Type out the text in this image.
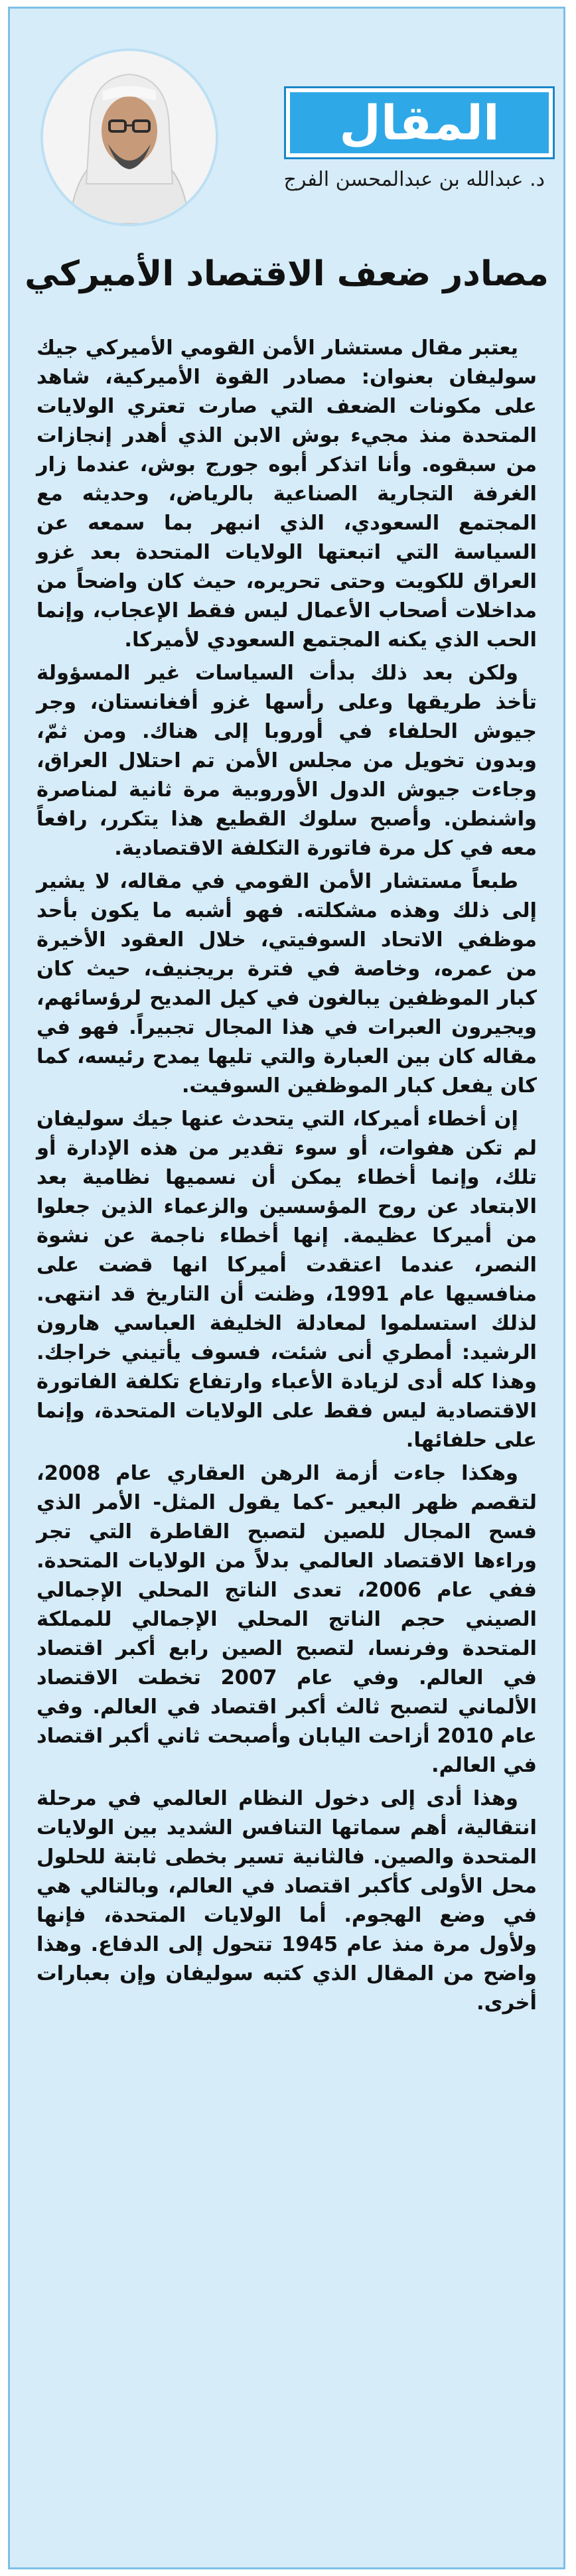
المقال
د. عبدالله بن عبدالمحسن الفرج
مصادر ضعف الاقتصاد الأميركي

يعتبر مقال مستشار الأمن القومي الأميركي جيك سوليفان بعنوان: مصادر القوة الأميركية، شاهد على مكونات الضعف التي صارت تعتري الولايات المتحدة منذ مجيء بوش الابن الذي أهدر إنجازات من سبقوه. وأنا اتذكر أبوه جورج بوش، عندما زار الغرفة التجارية الصناعية بالرياض، وحديثه مع المجتمع السعودي، الذي انبهر بما سمعه عن السياسة التي اتبعتها الولايات المتحدة بعد غزو العراق للكويت وحتى تحريره، حيث كان واضحاً من مداخلات أصحاب الأعمال ليس فقط الإعجاب، وإنما الحب الذي يكنه المجتمع السعودي لأميركا.

ولكن بعد ذلك بدأت السياسات غير المسؤولة تأخذ طريقها وعلى رأسها غزو أفغانستان، وجر جيوش الحلفاء في أوروبا إلى هناك. ومن ثمّ، وبدون تخويل من مجلس الأمن تم احتلال العراق، وجاءت جيوش الدول الأوروبية مرة ثانية لمناصرة واشنطن. وأصبح سلوك القطيع هذا يتكرر، رافعاً معه في كل مرة فاتورة التكلفة الاقتصادية.

طبعاً مستشار الأمن القومي في مقاله، لا يشير إلى ذلك وهذه مشكلته. فهو أشبه ما يكون بأحد موظفي الاتحاد السوفيتي، خلال العقود الأخيرة من عمره، وخاصة في فترة بريجنيف، حيث كان كبار الموظفين يبالغون في كيل المديح لرؤسائهم، ويجيرون العبرات في هذا المجال تجبيراً. فهو في مقاله كان بين العبارة والتي تليها يمدح رئيسه، كما كان يفعل كبار الموظفين السوفيت.

إن أخطاء أميركا، التي يتحدث عنها جيك سوليفان لم تكن هفوات، أو سوء تقدير من هذه الإدارة أو تلك، وإنما أخطاء يمكن أن نسميها نظامية بعد الابتعاد عن روح المؤسسين والزعماء الذين جعلوا من أميركا عظيمة. إنها أخطاء ناجمة عن نشوة النصر، عندما اعتقدت أميركا انها قضت على منافسيها عام 1991، وظنت أن التاريخ قد انتهى. لذلك استسلموا لمعادلة الخليفة العباسي هارون الرشيد: أمطري أنى شئت، فسوف يأتيني خراجك. وهذا كله أدى لزيادة الأعباء وارتفاع تكلفة الفاتورة الاقتصادية ليس فقط على الولايات المتحدة، وإنما على حلفائها.

وهكذا جاءت أزمة الرهن العقاري عام 2008، لتقصم ظهر البعير -كما يقول المثل- الأمر الذي فسح المجال للصين لتصبح القاطرة التي تجر وراءها الاقتصاد العالمي بدلاً من الولايات المتحدة. ففي عام 2006، تعدى الناتج المحلي الإجمالي الصيني حجم الناتج المحلي الإجمالي للمملكة المتحدة وفرنسا، لتصبح الصين رابع أكبر اقتصاد في العالم. وفي عام 2007 تخطت الاقتصاد الألماني لتصبح ثالث أكبر اقتصاد في العالم. وفي عام 2010 أزاحت اليابان وأصبحت ثاني أكبر اقتصاد في العالم.

وهذا أدى إلى دخول النظام العالمي في مرحلة انتقالية، أهم سماتها التنافس الشديد بين الولايات المتحدة والصين. فالثانية تسير بخطى ثابتة للحلول محل الأولى كأكبر اقتصاد في العالم، وبالتالي هي في وضع الهجوم. أما الولايات المتحدة، فإنها ولأول مرة منذ عام 1945 تتحول إلى الدفاع. وهذا واضح من المقال الذي كتبه سوليفان وإن بعبارات أخرى.
